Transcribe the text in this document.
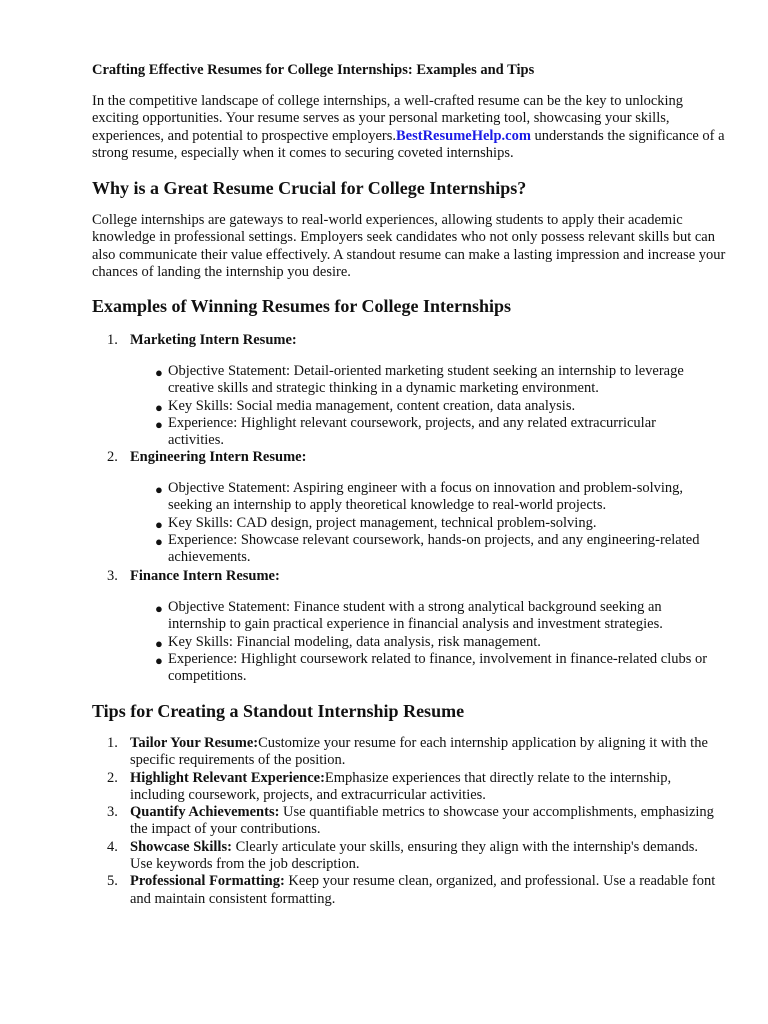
Crafting Effective Resumes for College Internships: Examples and Tips

In the competitive landscape of college internships, a well-crafted resume can be the key to unlocking exciting opportunities. Your resume serves as your personal marketing tool, showcasing your skills, experiences, and potential to prospective employers.BestResumeHelp.com understands the significance of a strong resume, especially when it comes to securing coveted internships.

Why is a Great Resume Crucial for College Internships?

College internships are gateways to real-world experiences, allowing students to apply their academic knowledge in professional settings. Employers seek candidates who not only possess relevant skills but can also communicate their value effectively. A standout resume can make a lasting impression and increase your chances of landing the internship you desire.

Examples of Winning Resumes for College Internships
1. Marketing Intern Resume:
● Objective Statement: Detail-oriented marketing student seeking an internship to leverage creative skills and strategic thinking in a dynamic marketing environment.
● Key Skills: Social media management, content creation, data analysis.
● Experience: Highlight relevant coursework, projects, and any related extracurricular activities.
2. Engineering Intern Resume:
● Objective Statement: Aspiring engineer with a focus on innovation and problem-solving, seeking an internship to apply theoretical knowledge to real-world projects.
● Key Skills: CAD design, project management, technical problem-solving.
● Experience: Showcase relevant coursework, hands-on projects, and any engineering-related achievements.
3. Finance Intern Resume:
● Objective Statement: Finance student with a strong analytical background seeking an internship to gain practical experience in financial analysis and investment strategies.
● Key Skills: Financial modeling, data analysis, risk management.
● Experience: Highlight coursework related to finance, involvement in finance-related clubs or competitions.
Tips for Creating a Standout Internship Resume
1. Tailor Your Resume:Customize your resume for each internship application by aligning it with the specific requirements of the position.
2. Highlight Relevant Experience:Emphasize experiences that directly relate to the internship, including coursework, projects, and extracurricular activities.
3. Quantify Achievements: Use quantifiable metrics to showcase your accomplishments, emphasizing the impact of your contributions.
4. Showcase Skills: Clearly articulate your skills, ensuring they align with the internship's demands. Use keywords from the job description.
5. Professional Formatting: Keep your resume clean, organized, and professional. Use a readable font and maintain consistent formatting.
